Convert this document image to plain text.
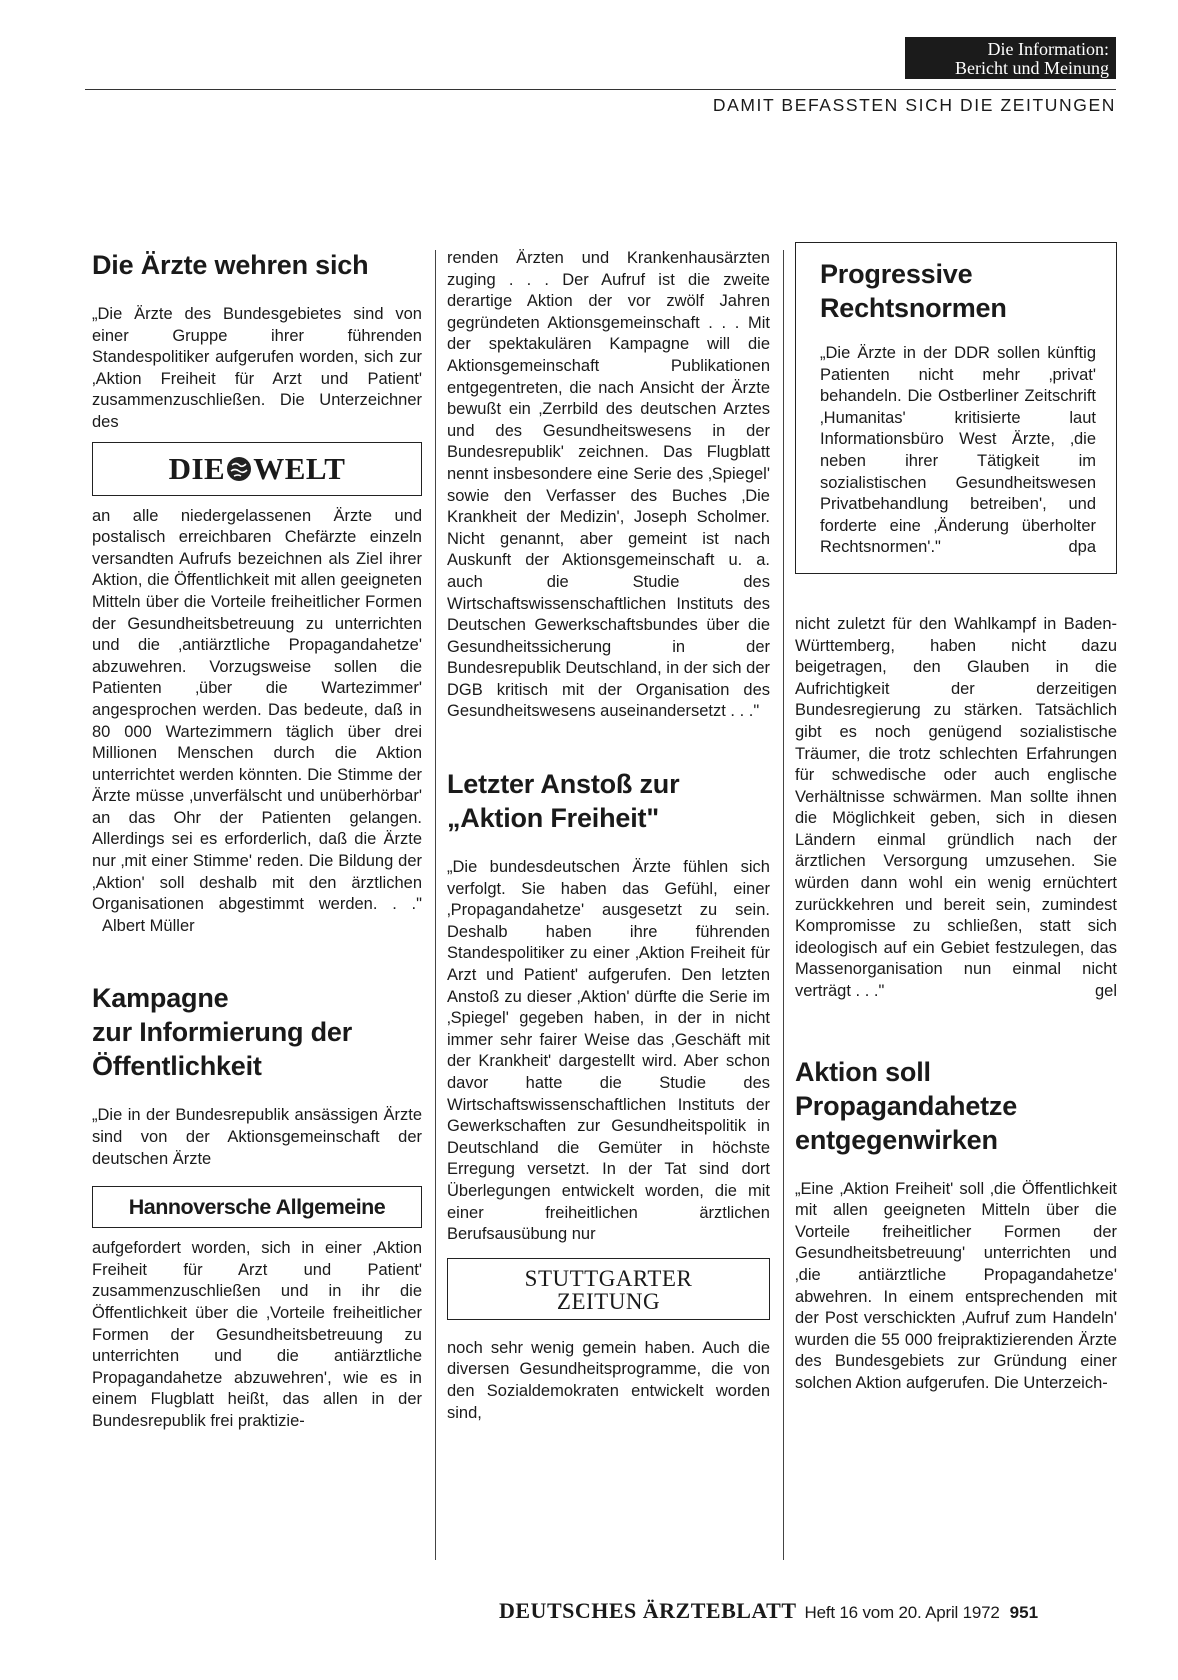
Die Information:
Bericht und Meinung
DAMIT BEFASSTEN SICH DIE ZEITUNGEN
Die Ärzte wehren sich

„Die Ärzte des Bundesgebietes sind von einer Gruppe ihrer führenden Standespolitiker aufgerufen worden, sich zur ‚Aktion Freiheit für Arzt und Patient' zusammenzuschließen. Die Unterzeichner des

DIE WELT

an alle niedergelassenen Ärzte und postalisch erreichbaren Chefärzte einzeln versandten Aufrufs bezeichnen als Ziel ihrer Aktion, die Öffentlichkeit mit allen geeigneten Mitteln über die Vorteile freiheitlicher Formen der Gesundheitsbetreuung zu unterrichten und die ‚antiärztliche Propagandahetze' abzuwehren. Vorzugsweise sollen die Patienten ‚über die Wartezimmer' angesprochen werden. Das bedeute, daß in 80 000 Wartezimmern täglich über drei Millionen Menschen durch die Aktion unterrichtet werden könnten. Die Stimme der Ärzte müsse ‚unverfälscht und unüberhörbar' an das Ohr der Patienten gelangen. Allerdings sei es erforderlich, daß die Ärzte nur ‚mit einer Stimme' reden. Die Bildung der ‚Aktion' soll deshalb mit den ärztlichen Organisationen abgestimmt werden. . ."Albert Müller

Kampagne
zur Informierung der
Öffentlichkeit

„Die in der Bundesrepublik ansässigen Ärzte sind von der Aktionsgemeinschaft der deutschen Ärzte

Hannoversche Allgemeine

aufgefordert worden, sich in einer ‚Aktion Freiheit für Arzt und Patient' zusammenzuschließen und in ihr die Öffentlichkeit über die ‚Vorteile freiheitlicher Formen der Gesundheitsbetreuung zu unterrichten und die antiärztliche Propagandahetze abzuwehren', wie es in einem Flugblatt heißt, das allen in der Bundesrepublik frei praktizie-

renden Ärzten und Krankenhausärzten zuging . . . Der Aufruf ist die zweite derartige Aktion der vor zwölf Jahren gegründeten Aktionsgemeinschaft . . . Mit der spektakulären Kampagne will die Aktionsgemeinschaft Publikationen entgegentreten, die nach Ansicht der Ärzte bewußt ein ‚Zerrbild des deutschen Arztes und des Gesundheitswesens in der Bundesrepublik' zeichnen. Das Flugblatt nennt insbesondere eine Serie des ‚Spiegel' sowie den Verfasser des Buches ‚Die Krankheit der Medizin', Joseph Scholmer. Nicht genannt, aber gemeint ist nach Auskunft der Aktionsgemeinschaft u. a. auch die Studie des Wirtschaftswissenschaftlichen Instituts des Deutschen Gewerkschaftsbundes über die Gesundheitssicherung in der Bundesrepublik Deutschland, in der sich der DGB kritisch mit der Organisation des Gesundheitswesens auseinandersetzt . . ."

Letzter Anstoß zur
„Aktion Freiheit"

„Die bundesdeutschen Ärzte fühlen sich verfolgt. Sie haben das Gefühl, einer ‚Propagandahetze' ausgesetzt zu sein. Deshalb haben ihre führenden Standespolitiker zu einer ‚Aktion Freiheit für Arzt und Patient' aufgerufen. Den letzten Anstoß zu dieser ‚Aktion' dürfte die Serie im ‚Spiegel' gegeben haben, in der in nicht immer sehr fairer Weise das ‚Geschäft mit der Krankheit' dargestellt wird. Aber schon davor hatte die Studie des Wirtschaftswissenschaftlichen Instituts der Gewerkschaften zur Gesundheitspolitik in Deutschland die Gemüter in höchste Erregung versetzt. In der Tat sind dort Überlegungen entwickelt worden, die mit einer freiheitlichen ärztlichen Berufsausübung nur

STUTTGARTER
ZEITUNG

noch sehr wenig gemein haben. Auch die diversen Gesundheitsprogramme, die von den Sozialdemokraten entwickelt worden sind,

Progressive
Rechtsnormen

„Die Ärzte in der DDR sollen künftig Patienten nicht mehr ‚privat' behandeln. Die Ostberliner Zeitschrift ‚Humanitas' kritisierte laut Informationsbüro West Ärzte, ‚die neben ihrer Tätigkeit im sozialistischen Gesundheitswesen Privatbehandlung betreiben', und forderte eine ‚Änderung überholter Rechtsnormen'."	dpa

nicht zuletzt für den Wahlkampf in Baden-Württemberg, haben nicht dazu beigetragen, den Glauben in die Aufrichtigkeit der derzeitigen Bundesregierung zu stärken. Tatsächlich gibt es noch genügend sozialistische Träumer, die trotz schlechten Erfahrungen für schwedische oder auch englische Verhältnisse schwärmen. Man sollte ihnen die Möglichkeit geben, sich in diesen Ländern einmal gründlich nach der ärztlichen Versorgung umzusehen. Sie würden dann wohl ein wenig ernüchtert zurückkehren und bereit sein, zumindest Kompromisse zu schließen, statt sich ideologisch auf ein Gebiet festzulegen, das Massenorganisation nun einmal nicht verträgt . . ."	gel

Aktion soll
Propagandahetze
entgegenwirken

„Eine ‚Aktion Freiheit' soll ‚die Öffentlichkeit mit allen geeigneten Mitteln über die Vorteile freiheitlicher Formen der Gesundheitsbetreuung' unterrichten und ‚die antiärztliche Propagandahetze' abwehren. In einem entsprechenden mit der Post verschickten ‚Aufruf zum Handeln' wurden die 55 000 freipraktizierenden Ärzte des Bundesgebiets zur Gründung einer solchen Aktion aufgerufen. Die Unterzeich-

DEUTSCHES ÄRZTEBLATT Heft 16 vom 20. April 1972 951
